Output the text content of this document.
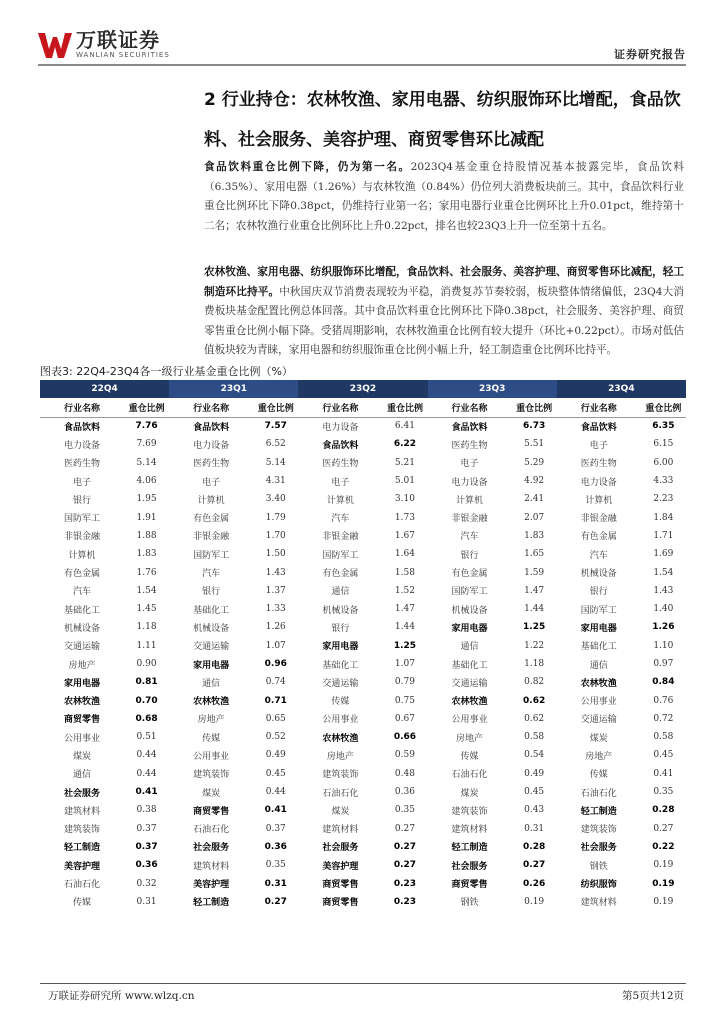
万联证券
WANLIAN SECURITIES	证券研究报告
2 行业持仓：农林牧渔、家用电器、纺织服饰环比增配，食品饮料、社会服务、美容护理、商贸零售环比减配
食品饮料重仓比例下降，仍为第一名。2023Q4基金重仓持股情况基本披露完毕，食品饮料（6.35%）、家用电器（1.26%）与农林牧渔（0.84%）仍位列大消费板块前三。其中，食品饮料行业重仓比例环比下降0.38pct，仍维持行业第一名；家用电器行业重仓比例环比上升0.01pct，维持第十二名；农林牧渔行业重仓比例环比上升0.22pct，排名也较23Q3上升一位至第十五名。
农林牧渔、家用电器、纺织服饰环比增配，食品饮料、社会服务、美容护理、商贸零售环比减配，轻工制造环比持平。中秋国庆双节消费表现较为平稳，消费复苏节奏较弱，板块整体情绪偏低，23Q4大消费板块基金配置比例总体回落。其中食品饮料重仓比例环比下降0.38pct，社会服务、美容护理、商贸零售重仓比例小幅下降。受猪周期影响，农林牧渔重仓比例有较大提升（环比+0.22pct）。市场对低估值板块较为青睐，家用电器和纺织服饰重仓比例小幅上升，轻工制造重仓比例环比持平。
图表3: 22Q4-23Q4各一级行业基金重仓比例（%）
22Q4		23Q1		23Q2		23Q3		23Q4	
行业名称	重仓比例	行业名称	重仓比例	行业名称	重仓比例	行业名称	重仓比例	行业名称	重仓比例
食品饮料	7.76	食品饮料	7.57	电力设备	6.41	食品饮料	6.73	食品饮料	6.35
电力设备	7.69	电力设备	6.52	食品饮料	6.22	医药生物	5.51	电子	6.15
医药生物	5.14	医药生物	5.14	医药生物	5.21	电子	5.29	医药生物	6.00
电子	4.06	电子	4.31	电子	5.01	电力设备	4.92	电力设备	4.33
银行	1.95	计算机	3.40	计算机	3.10	计算机	2.41	计算机	2.23
国防军工	1.91	有色金属	1.79	汽车	1.73	非银金融	2.07	非银金融	1.84
非银金融	1.88	非银金融	1.70	非银金融	1.67	汽车	1.83	有色金属	1.71
计算机	1.83	国防军工	1.50	国防军工	1.64	银行	1.65	汽车	1.69
有色金属	1.76	汽车	1.43	有色金属	1.58	有色金属	1.59	机械设备	1.54
汽车	1.54	银行	1.37	通信	1.52	国防军工	1.47	银行	1.43
基础化工	1.45	基础化工	1.33	机械设备	1.47	机械设备	1.44	国防军工	1.40
机械设备	1.18	机械设备	1.26	银行	1.44	家用电器	1.25	家用电器	1.26
交通运输	1.11	交通运输	1.07	家用电器	1.25	通信	1.22	基础化工	1.10
房地产	0.90	家用电器	0.96	基础化工	1.07	基础化工	1.18	通信	0.97
家用电器	0.81	通信	0.74	交通运输	0.79	交通运输	0.82	农林牧渔	0.84
农林牧渔	0.70	农林牧渔	0.71	传媒	0.75	农林牧渔	0.62	公用事业	0.76
商贸零售	0.68	房地产	0.65	公用事业	0.67	公用事业	0.62	交通运输	0.72
公用事业	0.51	传媒	0.52	农林牧渔	0.66	房地产	0.58	煤炭	0.58
煤炭	0.44	公用事业	0.49	房地产	0.59	传媒	0.54	房地产	0.45
通信	0.44	建筑装饰	0.45	建筑装饰	0.48	石油石化	0.49	传媒	0.41
社会服务	0.41	煤炭	0.44	石油石化	0.36	煤炭	0.45	石油石化	0.35
建筑材料	0.38	商贸零售	0.41	煤炭	0.35	建筑装饰	0.43	轻工制造	0.28
建筑装饰	0.37	石油石化	0.37	建筑材料	0.27	建筑材料	0.31	建筑装饰	0.27
轻工制造	0.37	社会服务	0.36	社会服务	0.27	轻工制造	0.28	社会服务	0.22
美容护理	0.36	建筑材料	0.35	美容护理	0.27	社会服务	0.27	钢铁	0.19
石油石化	0.32	美容护理	0.31	商贸零售	0.23	商贸零售	0.26	纺织服饰	0.19
传媒	0.31	轻工制造	0.27	商贸零售	0.23	钢铁	0.19	建筑材料	0.19
万联证券研究所 www.wlzq.cn	第5页共12页
